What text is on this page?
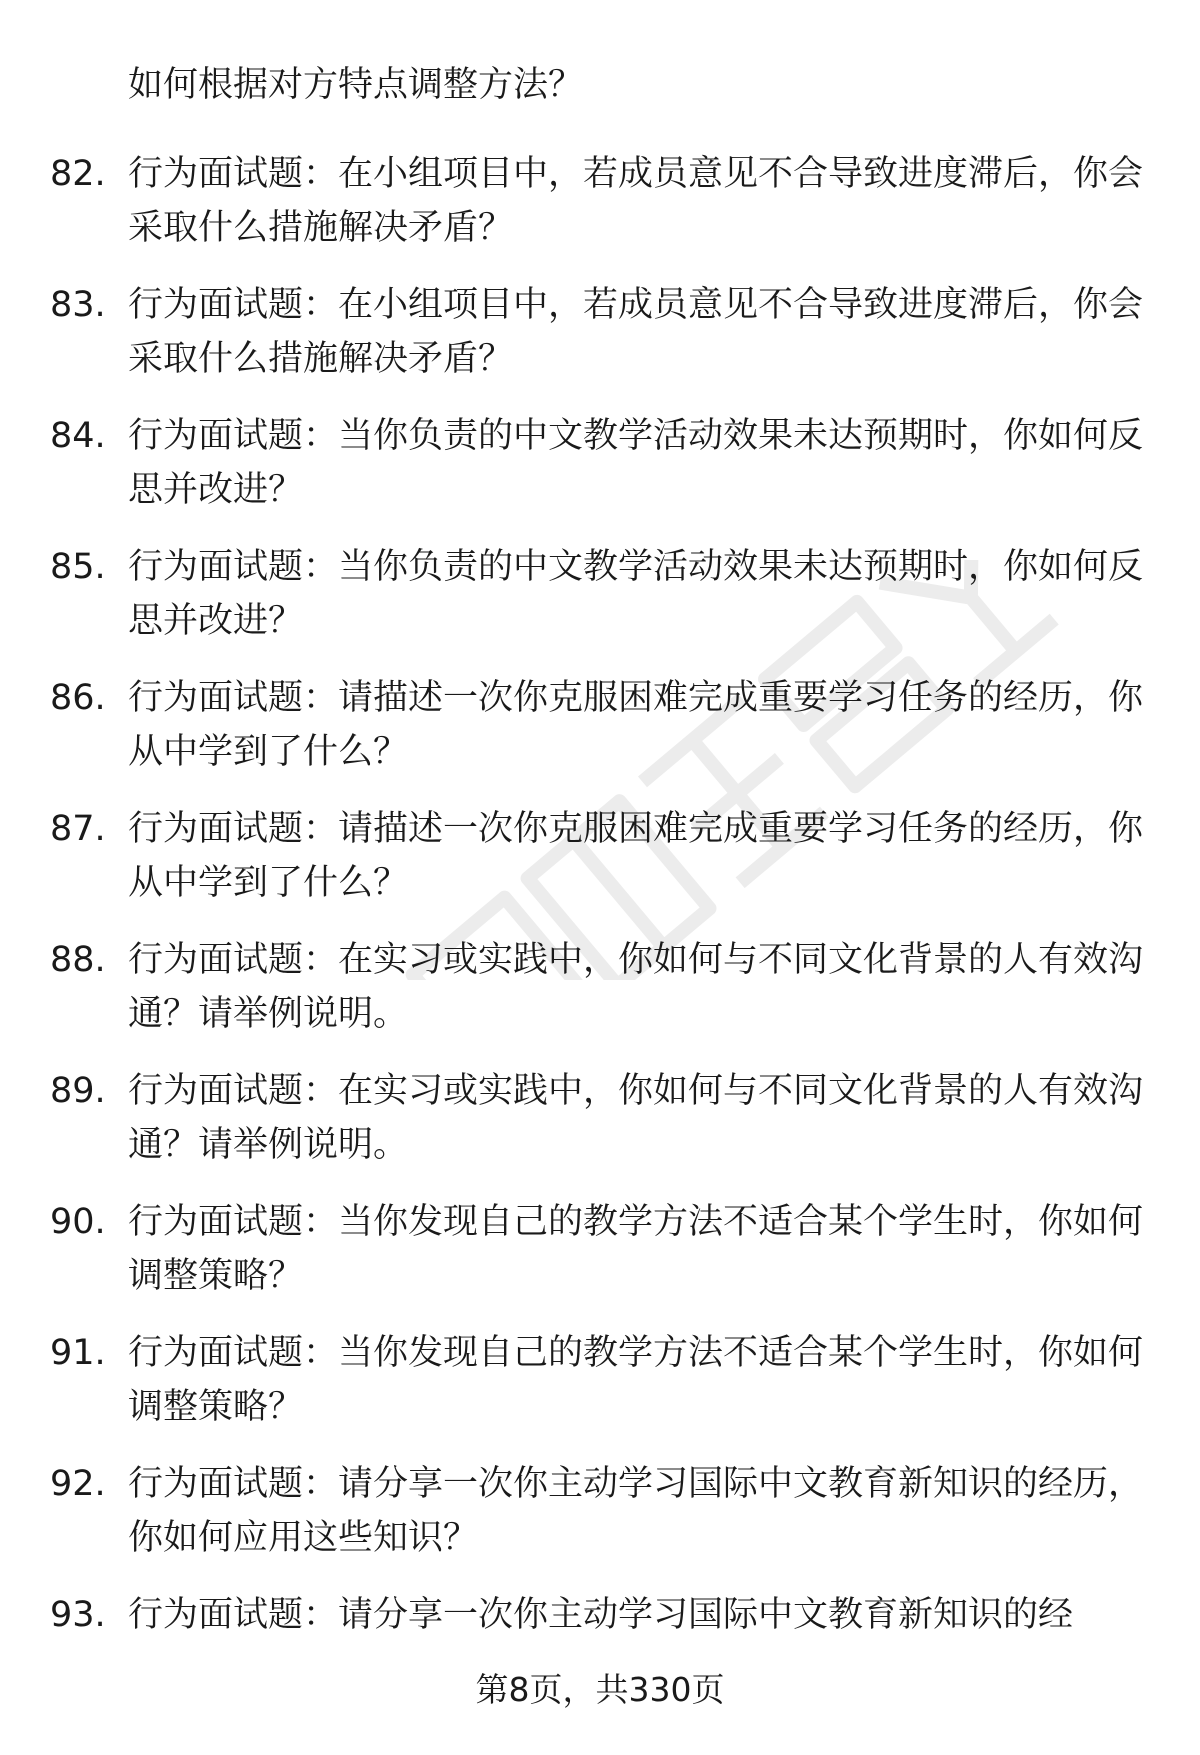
如何根据对方特点调整方法？
82. 行为面试题：在小组项目中，若成员意见不合导致进度滞后，你会采取什么措施解决矛盾？
83. 行为面试题：在小组项目中，若成员意见不合导致进度滞后，你会采取什么措施解决矛盾？
84. 行为面试题：当你负责的中文教学活动效果未达预期时，你如何反思并改进？
85. 行为面试题：当你负责的中文教学活动效果未达预期时，你如何反思并改进？
86. 行为面试题：请描述一次你克服困难完成重要学习任务的经历，你从中学到了什么？
87. 行为面试题：请描述一次你克服困难完成重要学习任务的经历，你从中学到了什么？
88. 行为面试题：在实习或实践中，你如何与不同文化背景的人有效沟通？请举例说明。
89. 行为面试题：在实习或实践中，你如何与不同文化背景的人有效沟通？请举例说明。
90. 行为面试题：当你发现自己的教学方法不适合某个学生时，你如何调整策略？
91. 行为面试题：当你发现自己的教学方法不适合某个学生时，你如何调整策略？
92. 行为面试题：请分享一次你主动学习国际中文教育新知识的经历，你如何应用这些知识？
93. 行为面试题：请分享一次你主动学习国际中文教育新知识的经
第8页，共330页
